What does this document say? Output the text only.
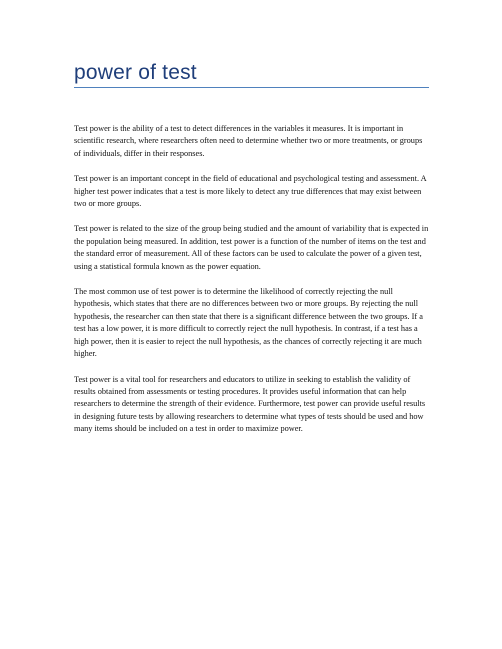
power of test

Test power is the ability of a test to detect differences in the variables it measures. It is important in scientific research, where researchers often need to determine whether two or more treatments, or groups of individuals, differ in their responses.

Test power is an important concept in the field of educational and psychological testing and assessment. A higher test power indicates that a test is more likely to detect any true differences that may exist between two or more groups.

Test power is related to the size of the group being studied and the amount of variability that is expected in the population being measured. In addition, test power is a function of the number of items on the test and the standard error of measurement. All of these factors can be used to calculate the power of a given test, using a statistical formula known as the power equation.

The most common use of test power is to determine the likelihood of correctly rejecting the null hypothesis, which states that there are no differences between two or more groups. By rejecting the null hypothesis, the researcher can then state that there is a significant difference between the two groups. If a test has a low power, it is more difficult to correctly reject the null hypothesis. In contrast, if a test has a high power, then it is easier to reject the null hypothesis, as the chances of correctly rejecting it are much higher.

Test power is a vital tool for researchers and educators to utilize in seeking to establish the validity of results obtained from assessments or testing procedures. It provides useful information that can help researchers to determine the strength of their evidence. Furthermore, test power can provide useful results in designing future tests by allowing researchers to determine what types of tests should be used and how many items should be included on a test in order to maximize power.
